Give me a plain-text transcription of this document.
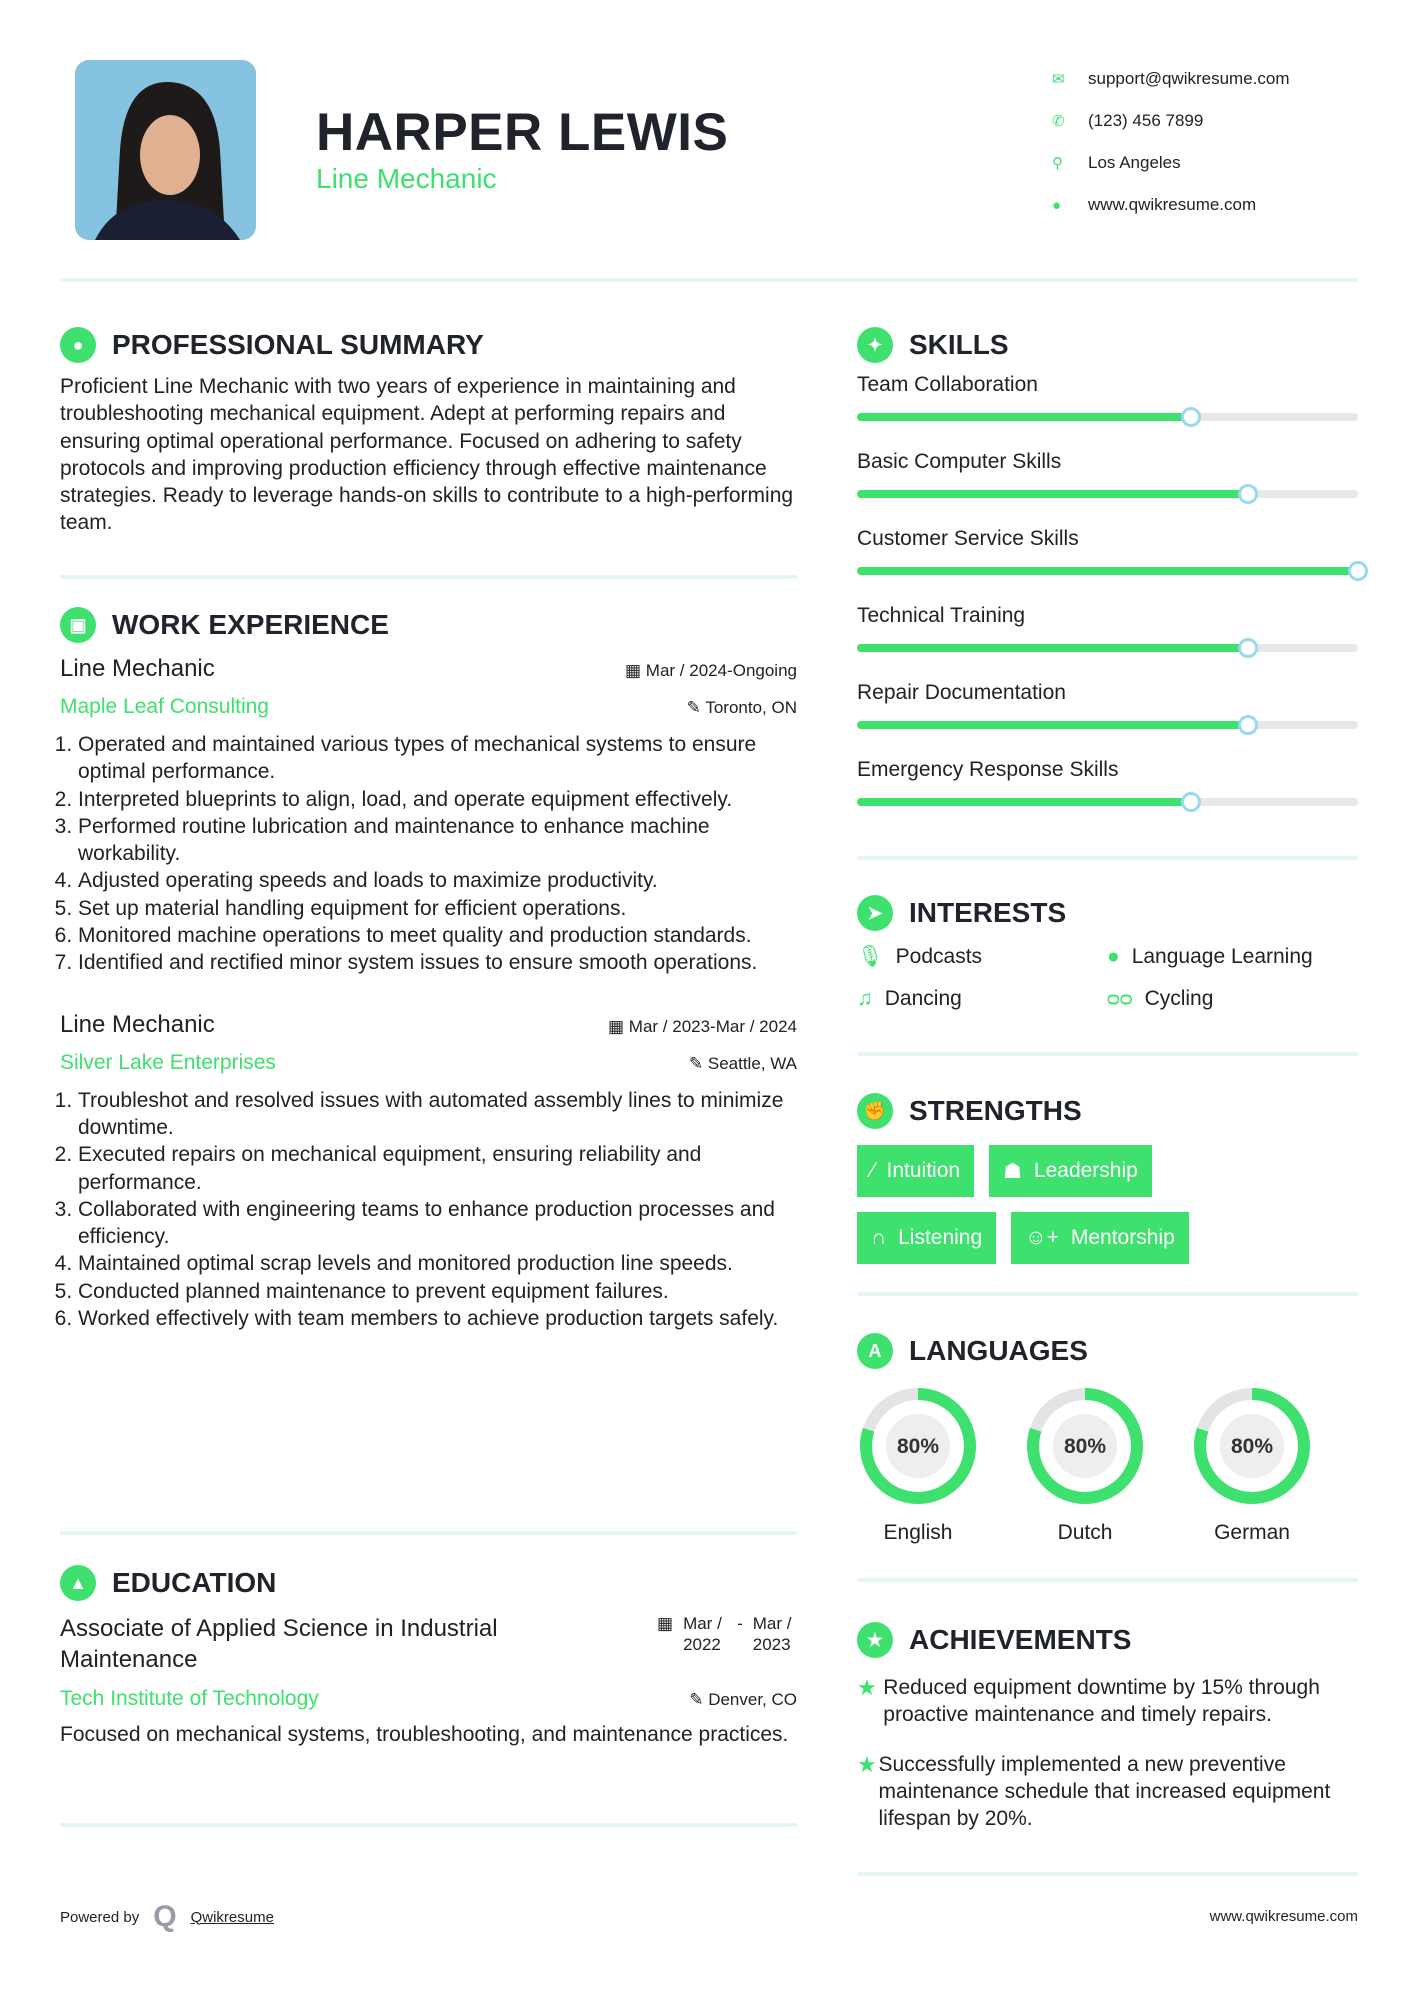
HARPER LEWIS
Line Mechanic
✉	support@qwikresume.com
✆	(123) 456 7899
⚲	Los Angeles
●	www.qwikresume.com
●	PROFESSIONAL SUMMARY
Proficient Line Mechanic with two years of experience in maintaining and troubleshooting mechanical equipment. Adept at performing repairs and ensuring optimal operational performance. Focused on adhering to safety protocols and improving production efficiency through effective maintenance strategies. Ready to leverage hands-on skills to contribute to a high-performing team.
▣ WORK EXPERIENCE
Line Mechanic	▦ Mar / 2024-Ongoing
Maple Leaf Consulting	✎ Toronto, ON
1. Operated and maintained various types of mechanical systems to ensure optimal performance.
2. Interpreted blueprints to align, load, and operate equipment effectively.
3. Performed routine lubrication and maintenance to enhance machine workability.
4. Adjusted operating speeds and loads to maximize productivity.
5. Set up material handling equipment for efficient operations.
6. Monitored machine operations to meet quality and production standards.
7. Identified and rectified minor system issues to ensure smooth operations.
Line Mechanic	▦ Mar / 2023-Mar / 2024
Silver Lake Enterprises	✎ Seattle, WA
1. Troubleshot and resolved issues with automated assembly lines to minimize downtime.
2. Executed repairs on mechanical equipment, ensuring reliability and performance.
3. Collaborated with engineering teams to enhance production processes and efficiency.
4. Maintained optimal scrap levels and monitored production line speeds.
5. Conducted planned maintenance to prevent equipment failures.
6. Worked effectively with team members to achieve production targets safely.
▲ EDUCATION
Associate of Applied Science in Industrial Maintenance
▦ Mar / 2022
- Mar / 2023
Tech Institute of Technology	✎ Denver, CO
Focused on mechanical systems, troubleshooting, and maintenance practices.
✦ SKILLS
Team Collaboration
Basic Computer Skills
Customer Service Skills
Technical Training
Repair Documentation
Emergency Response Skills
➤ INTERESTS
🎙 Podcasts	● Language Learning
♫ Dancing	ᴑᴑ Cycling
✊ STRENGTHS
⁄ Intuition ☗ Leadership
∩ Listening ☺+ Mentorship
A LANGUAGES
80%
English
80%
Dutch
80%
German
★ ACHIEVEMENTS
★ Reduced equipment downtime by 15% through proactive maintenance and timely repairs.
★ Successfully implemented a new preventive maintenance schedule that increased equipment lifespan by 20%.
Powered by Q Qwikresume	www.qwikresume.com
